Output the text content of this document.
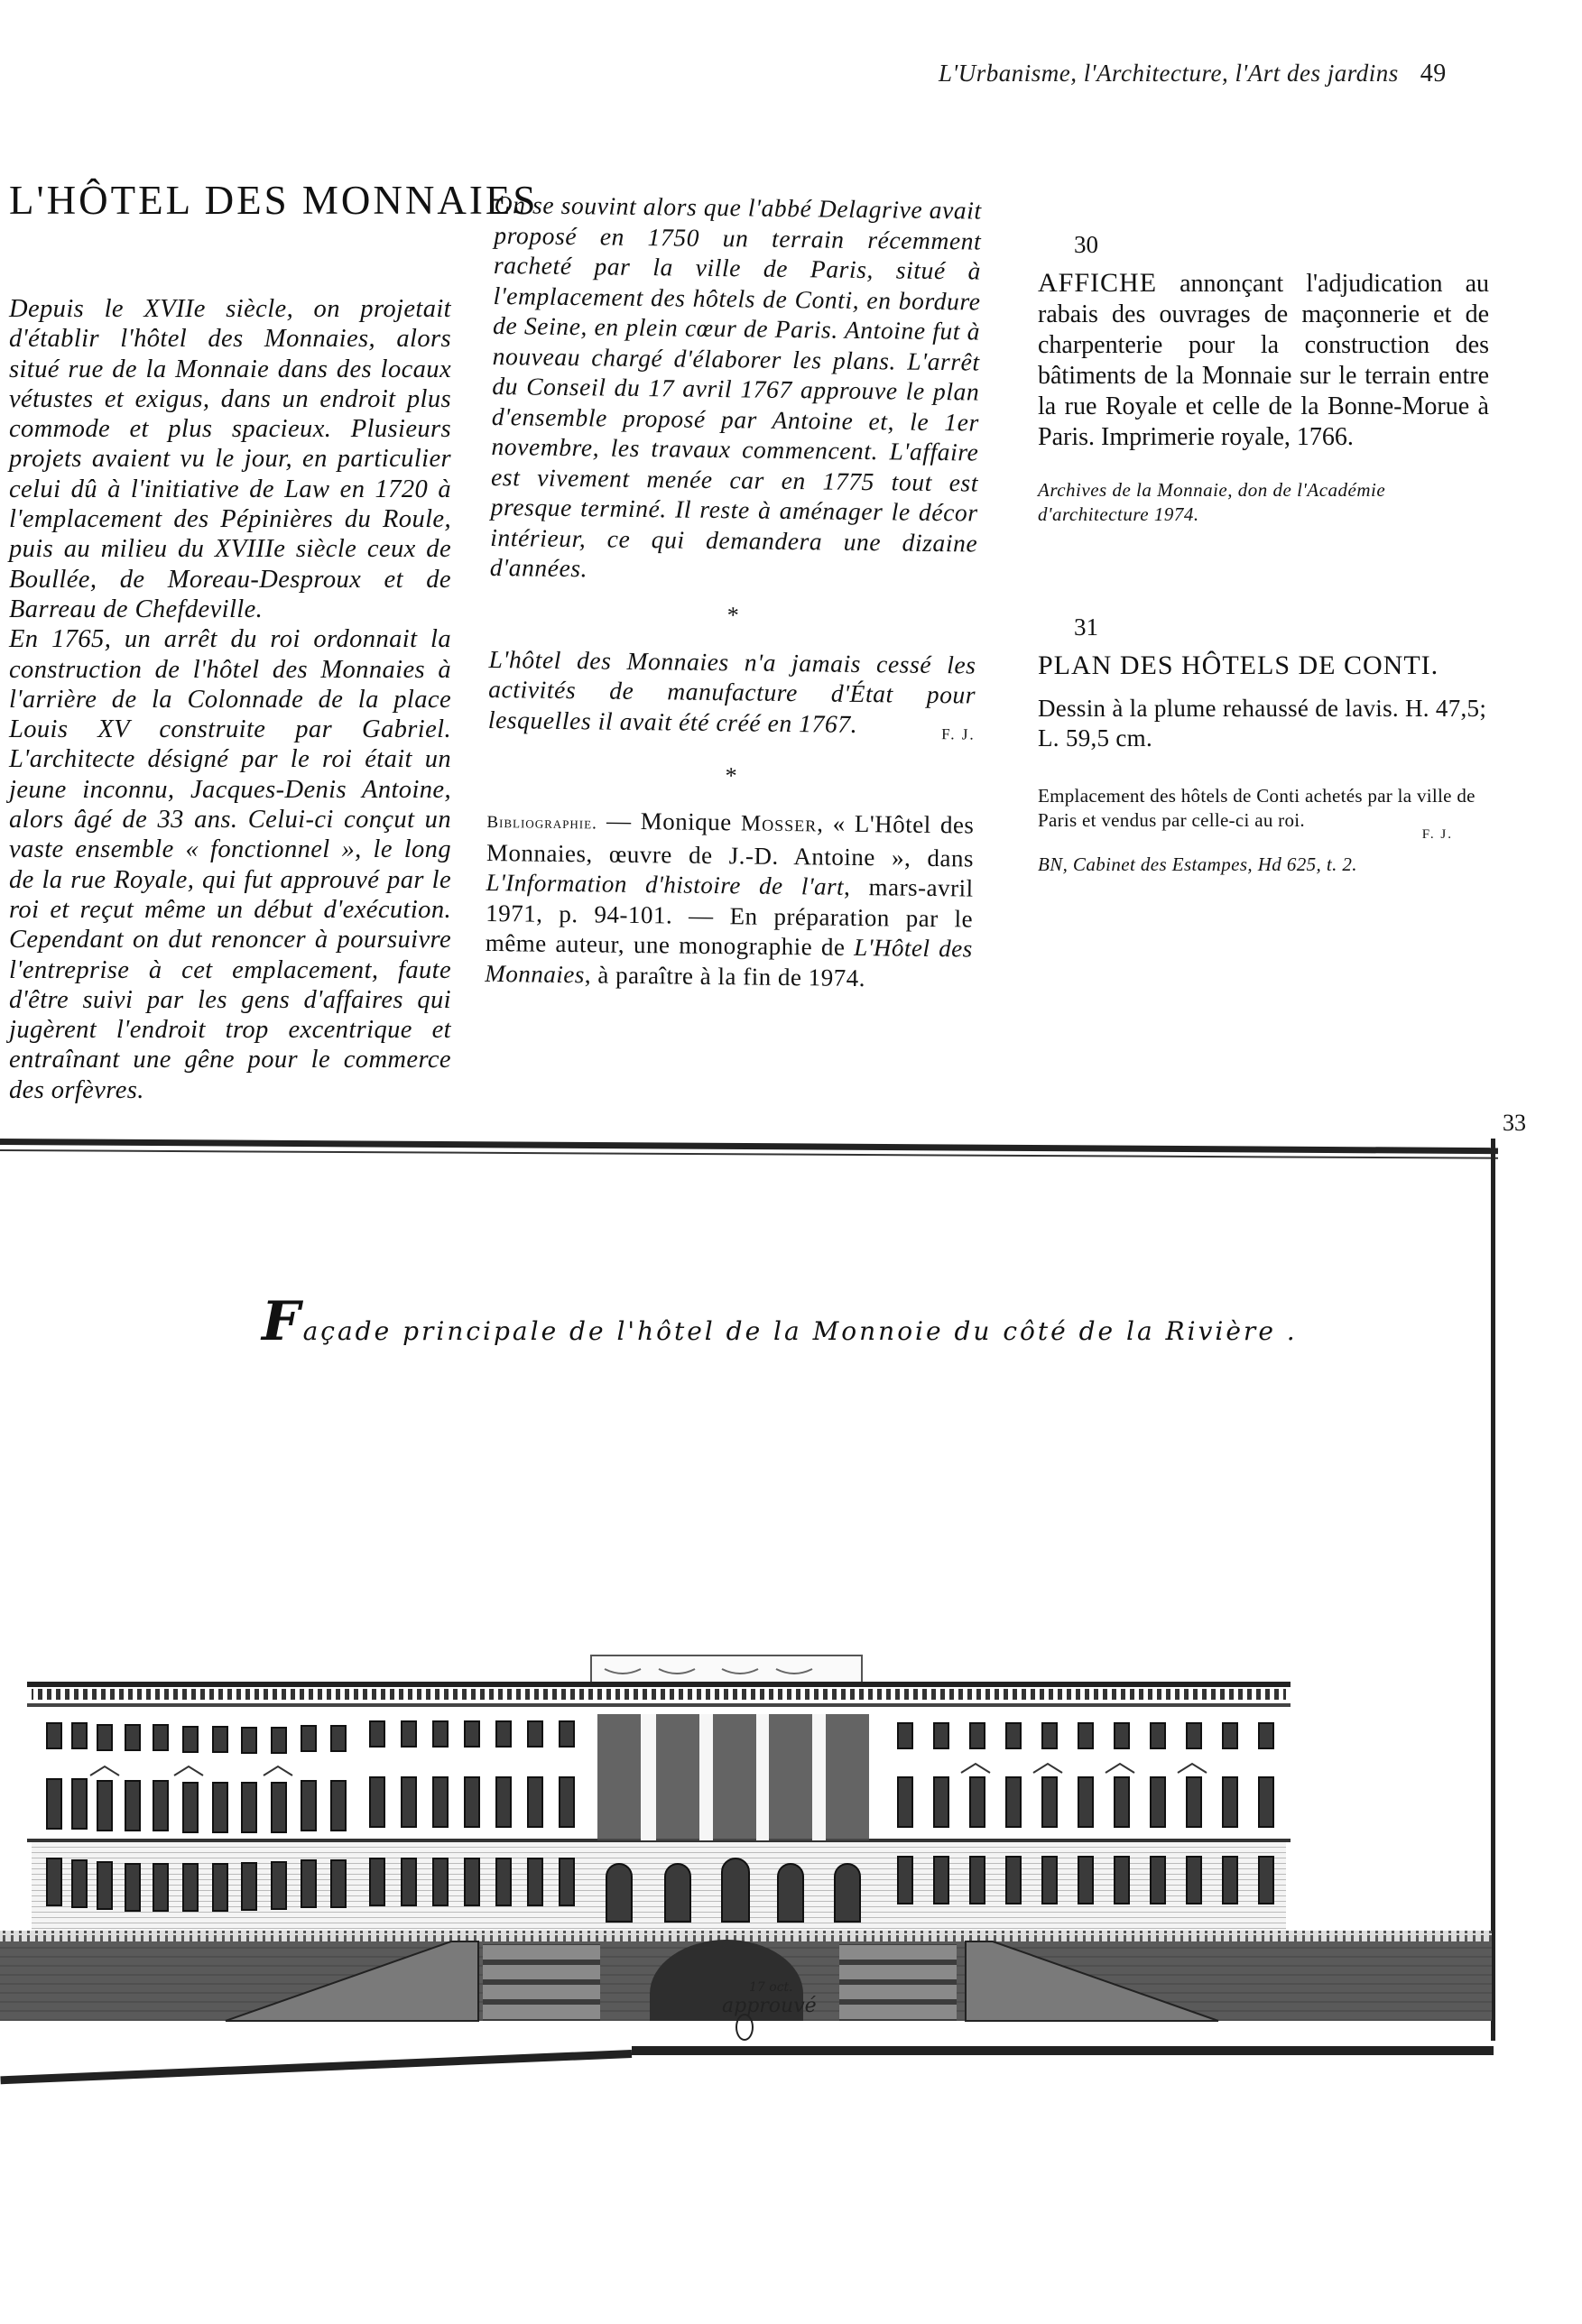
L'Urbanisme, l'Architecture, l'Art des jardins 49
L'HÔTEL DES MONNAIES

Depuis le XVIIe siècle, on projetait d'établir l'hôtel des Monnaies, alors situé rue de la Monnaie dans des locaux vétustes et exigus, dans un endroit plus commode et plus spacieux. Plusieurs projets avaient vu le jour, en particulier celui dû à l'initiative de Law en 1720 à l'emplacement des Pépinières du Roule, puis au milieu du XVIIIe siècle ceux de Boullée, de Moreau-Desproux et de Barreau de Chefdeville.

En 1765, un arrêt du roi ordonnait la construction de l'hôtel des Monnaies à l'arrière de la Colonnade de la place Louis XV construite par Gabriel. L'architecte désigné par le roi était un jeune inconnu, Jacques-Denis Antoine, alors âgé de 33 ans. Celui-ci conçut un vaste ensemble « fonctionnel », le long de la rue Royale, qui fut approuvé par le roi et reçut même un début d'exécution. Cependant on dut renoncer à poursuivre l'entreprise à cet emplacement, faute d'être suivi par les gens d'affaires qui jugèrent l'endroit trop excentrique et entraînant une gêne pour le commerce des orfèvres.

On se souvint alors que l'abbé Delagrive avait proposé en 1750 un terrain récemment racheté par la ville de Paris, situé à l'emplacement des hôtels de Conti, en bordure de Seine, en plein cœur de Paris. Antoine fut à nouveau chargé d'élaborer les plans. L'arrêt du Conseil du 17 avril 1767 approuve le plan d'ensemble proposé par Antoine et, le 1er novembre, les travaux commencent. L'affaire est vivement menée car en 1775 tout est presque terminé. Il reste à aménager le décor intérieur, ce qui demandera une dizaine d'années.

*

L'hôtel des Monnaies n'a jamais cessé les activités de manufacture d'État pour lesquelles il avait été créé en 1767.	F. J.

*

Bibliographie. — Monique Mosser, « L'Hôtel des Monnaies, œuvre de J.-D. Antoine », dans L'Information d'histoire de l'art, mars-avril 1971, p. 94-101. — En préparation par le même auteur, une monographie de L'Hôtel des Monnaies, à paraître à la fin de 1974.

30

AFFICHE annonçant l'adjudication au rabais des ouvrages de maçonnerie et de charpenterie pour la construction des bâtiments de la Monnaie sur le terrain entre la rue Royale et celle de la Bonne-Morue à Paris. Imprimerie royale, 1766.

Archives de la Monnaie, don de l'Académie d'architecture 1974.

31
PLAN DES HÔTELS DE CONTI.

Dessin à la plume rehaussé de lavis. H. 47,5; L. 59,5 cm.

Emplacement des hôtels de Conti achetés par la ville de Paris et vendus par celle-ci au roi.

F. J.

BN, Cabinet des Estampes, Hd 625, t. 2.

33
Façade principale de l'hôtel de la Monnoie du côté de la Rivière .
17 oct.
approuvé
